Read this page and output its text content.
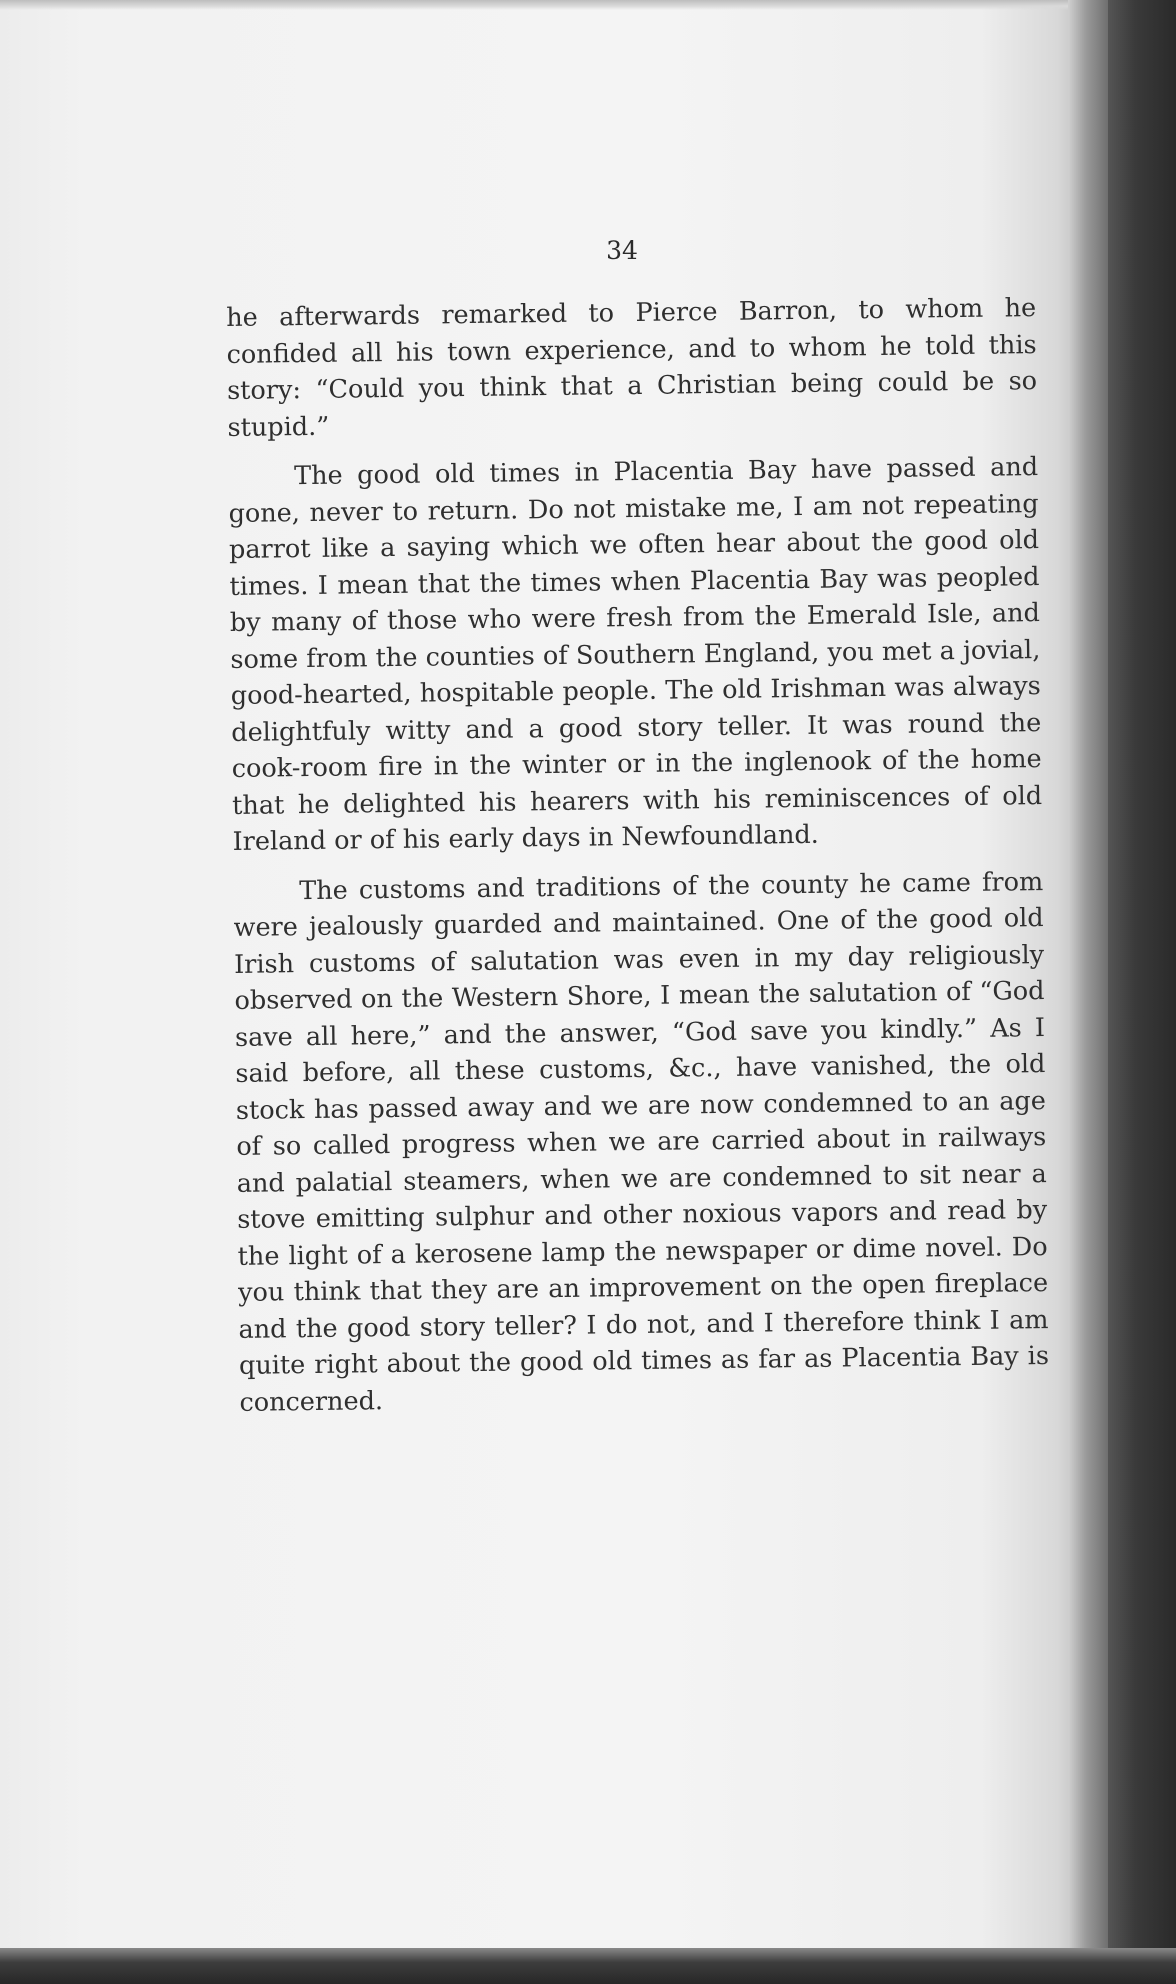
34

he afterwards remarked to Pierce Barron, to whom he confided all his town experience, and to whom he told this story: “Could you think that a Christian being could be so stupid.”

The good old times in Placentia Bay have passed and gone, never to return. Do not mistake me, I am not repeating parrot like a saying which we often hear about the good old times. I mean that the times when Placentia Bay was peopled by many of those who were fresh from the Emerald Isle, and some from the counties of Southern England, you met a jovial, good-hearted, hospitable people. The old Irishman was always delightfuly witty and a good story teller. It was round the cook-room fire in the winter or in the inglenook of the home that he delighted his hearers with his reminiscences of old Ireland or of his early days in Newfoundland.

The customs and traditions of the county he came from were jealously guarded and maintained. One of the good old Irish customs of salutation was even in my day religiously observed on the Western Shore, I mean the salutation of “God save all here,” and the answer, “God save you kindly.” As I said before, all these customs, &c., have vanished, the old stock has passed away and we are now condemned to an age of so called progress when we are carried about in railways and palatial steamers, when we are condemned to sit near a stove emitting sulphur and other noxious vapors and read by the light of a kerosene lamp the newspaper or dime novel. Do you think that they are an improvement on the open fireplace and the good story teller? I do not, and I therefore think I am quite right about the good old times as far as Placentia Bay is concerned.
